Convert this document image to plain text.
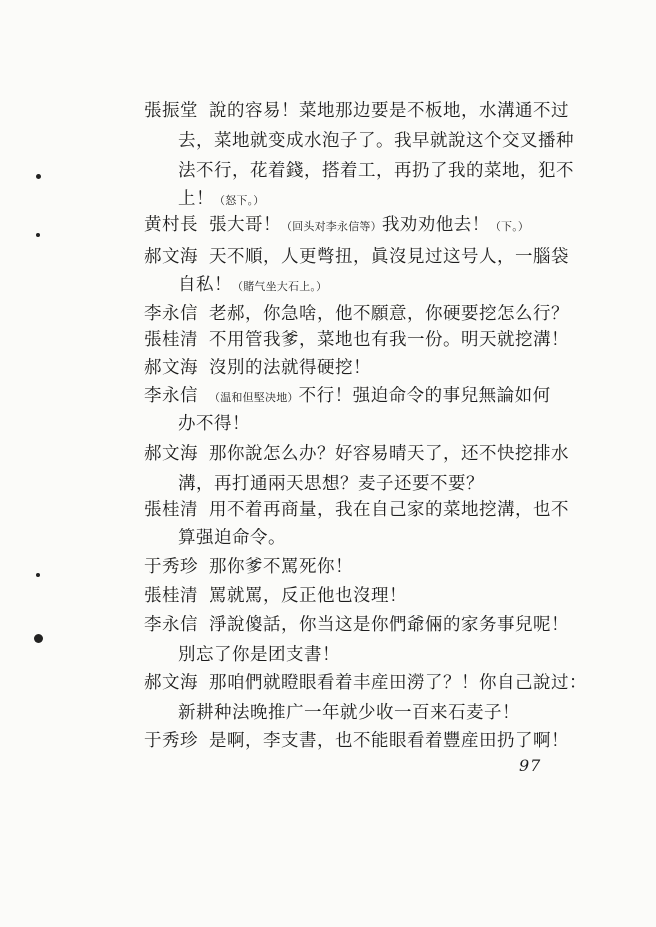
張振堂 說的容易！菜地那边要是不板地，水溝通不过
去，菜地就变成水泡子了。我早就說这个交叉播种
法不行，花着錢，搭着工，再扔了我的菜地，犯不
上！（怒下。）
黄村長 張大哥！（回头对李永信等）我劝劝他去！（下。）
郝文海 天不順，人更彆扭，眞沒見过这号人，一腦袋
自私！（賭气坐大石上。）
李永信 老郝，你急啥，他不願意，你硬要挖怎么行？
張桂清 不用管我爹，菜地也有我一份。明天就挖溝！
郝文海 沒別的法就得硬挖！
李永信 （温和但堅决地）不行！强迫命令的事兒無論如何
办不得！
郝文海 那你說怎么办？好容易晴天了，还不快挖排水
溝，再打通兩天思想？麦子还要不要？
張桂清 用不着再商量，我在自己家的菜地挖溝，也不
算强迫命令。
于秀珍 那你爹不罵死你！
張桂清 罵就罵，反正他也沒理！
李永信 淨說傻話，你当这是你們爺倆的家务事兒呢！
別忘了你是团支書！
郝文海 那咱們就瞪眼看着丰産田澇了？！你自己說过：
新耕种法晚推广一年就少收一百来石麦子！
于秀珍 是啊，李支書，也不能眼看着豐産田扔了啊！
97
